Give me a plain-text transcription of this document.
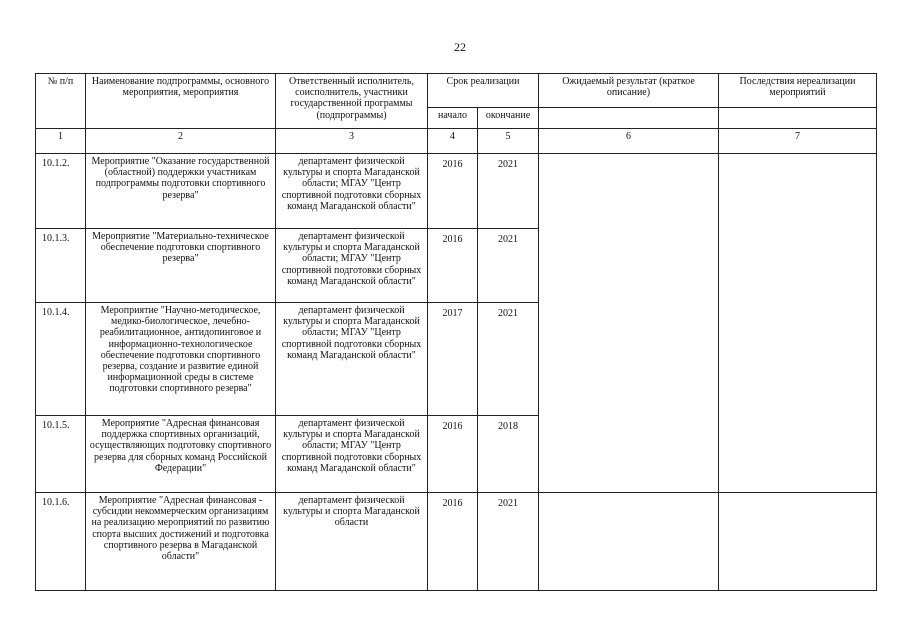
22
№ п/п	Наименование подпрограммы, основного мероприятия, мероприятия	Ответственный исполнитель, соисполнитель, участники государственной программы (подпрограммы)	Срок реализации		Ожидаемый результат (краткое описание)	Последствия нереализации мероприятий
			начало	окончание		
1	2	3	4	5	6	7
10.1.2.	Мероприятие "Оказание государственной (областной) поддержки участникам подпрограммы подготовки спортивного резерва"	департамент физической культуры и спорта Магаданской области; МГАУ "Центр спортивной подготовки сборных команд Магаданской области"	2016	2021		
10.1.3.	Мероприятие "Материально-техническое обеспечение подготовки спортивного резерва"	департамент физической культуры и спорта Магаданской области; МГАУ "Центр спортивной подготовки сборных команд Магаданской области"	2016	2021		
10.1.4.	Мероприятие "Научно-методическое, медико-биологическое, лечебно-реабилитационное, антидопинговое и информационно-технологическое обеспечение подготовки спортивного резерва, создание и развитие единой информационной среды в системе подготовки спортивного резерва"	департамент физической культуры и спорта Магаданской области; МГАУ "Центр спортивной подготовки сборных команд Магаданской области"	2017	2021		
10.1.5.	Мероприятие "Адресная финансовая поддержка спортивных организаций, осуществляющих подготовку спортивного резерва для сборных команд Российской Федерации"	департамент физической культуры и спорта Магаданской области; МГАУ "Центр спортивной подготовки сборных команд Магаданской области"	2016	2018		
10.1.6.	Мероприятие "Адресная финансовая - субсидии некоммерческим организациям на реализацию мероприятий по развитию спорта высших достижений и подготовка спортивного резерва в Магаданской области"	департамент физической культуры и спорта Магаданской области	2016	2021		
